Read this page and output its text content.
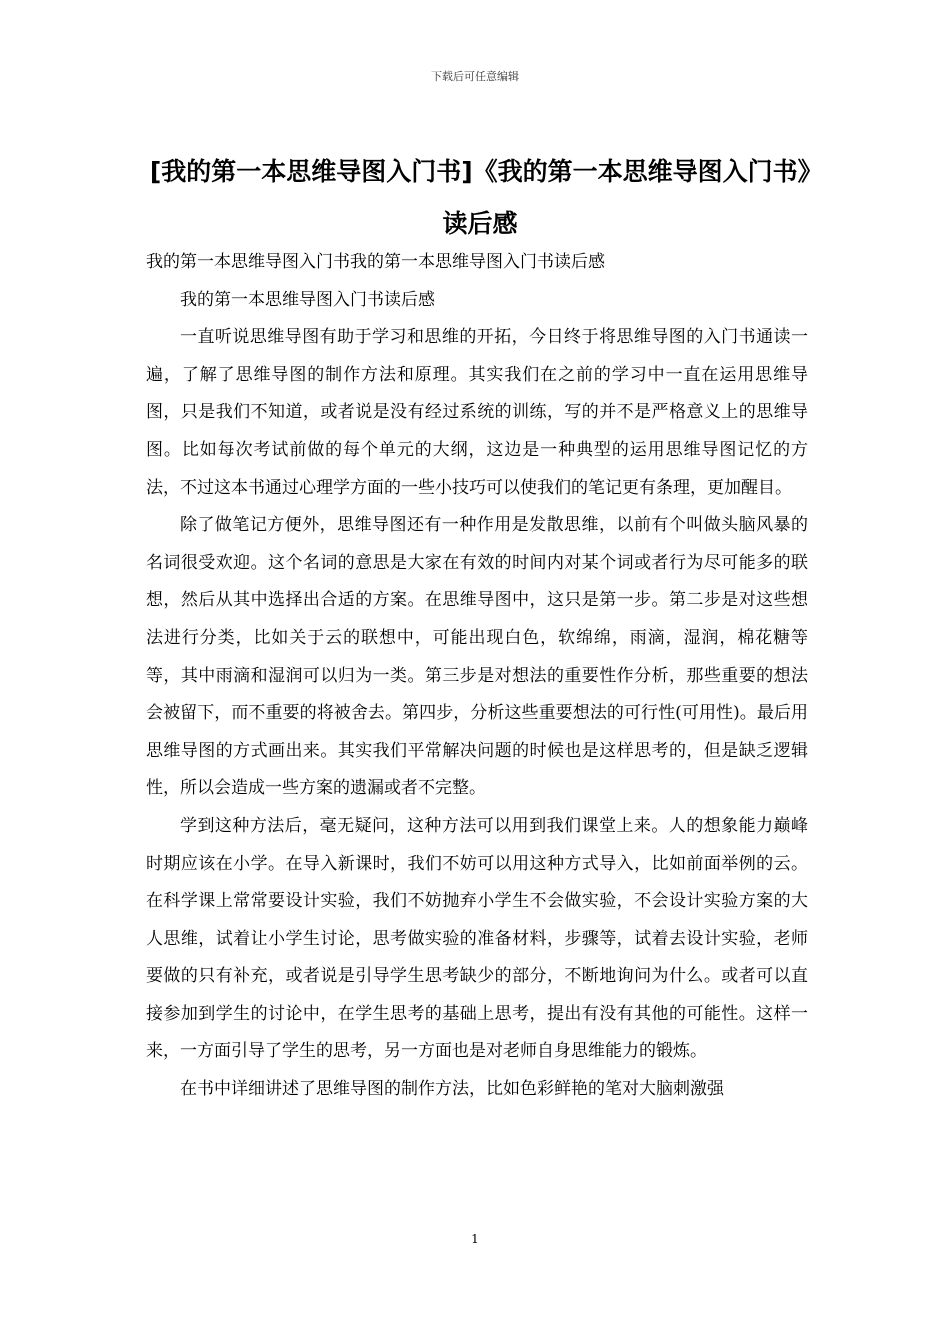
下载后可任意编辑
[我的第一本思维导图入门书]《我的第一本思维导图入门书》读后感

我的第一本思维导图入门书我的第一本思维导图入门书读后感

我的第一本思维导图入门书读后感

一直听说思维导图有助于学习和思维的开拓，今日终于将思维导图的入门书通读一遍，了解了思维导图的制作方法和原理。其实我们在之前的学习中一直在运用思维导图，只是我们不知道，或者说是没有经过系统的训练，写的并不是严格意义上的思维导图。比如每次考试前做的每个单元的大纲，这边是一种典型的运用思维导图记忆的方法，不过这本书通过心理学方面的一些小技巧可以使我们的笔记更有条理，更加醒目。

除了做笔记方便外，思维导图还有一种作用是发散思维，以前有个叫做头脑风暴的名词很受欢迎。这个名词的意思是大家在有效的时间内对某个词或者行为尽可能多的联想，然后从其中选择出合适的方案。在思维导图中，这只是第一步。第二步是对这些想法进行分类，比如关于云的联想中，可能出现白色，软绵绵，雨滴，湿润，棉花糖等等，其中雨滴和湿润可以归为一类。第三步是对想法的重要性作分析，那些重要的想法会被留下，而不重要的将被舍去。第四步，分析这些重要想法的可行性(可用性)。最后用思维导图的方式画出来。其实我们平常解决问题的时候也是这样思考的，但是缺乏逻辑性，所以会造成一些方案的遗漏或者不完整。

学到这种方法后，毫无疑问，这种方法可以用到我们课堂上来。人的想象能力巅峰时期应该在小学。在导入新课时，我们不妨可以用这种方式导入，比如前面举例的云。在科学课上常常要设计实验，我们不妨抛弃小学生不会做实验，不会设计实验方案的大人思维，试着让小学生讨论，思考做实验的准备材料，步骤等，试着去设计实验，老师要做的只有补充，或者说是引导学生思考缺少的部分，不断地询问为什么。或者可以直接参加到学生的讨论中，在学生思考的基础上思考，提出有没有其他的可能性。这样一来，一方面引导了学生的思考，另一方面也是对老师自身思维能力的锻炼。

在书中详细讲述了思维导图的制作方法，比如色彩鲜艳的笔对大脑刺激强

1
